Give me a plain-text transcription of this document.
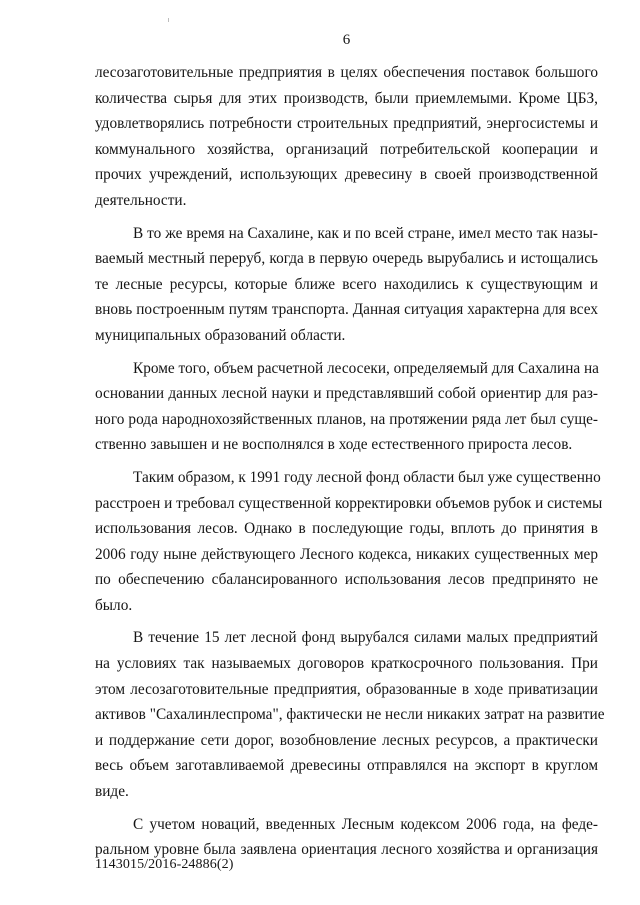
6

лесозаготовительные предприятия в целях обеспечения поставок большого
количества сырья для этих производств, были приемлемыми. Кроме ЦБЗ,
удовлетворялись потребности строительных предприятий, энергосистемы и
коммунального хозяйства, организаций потребительской кооперации и
прочих учреждений, использующих древесину в своей производственной
деятельности.

В то же время на Сахалине, как и по всей стране, имел место так назы-
ваемый местный переруб, когда в первую очередь вырубались и истощались
те лесные ресурсы, которые ближе всего находились к существующим и
вновь построенным путям транспорта. Данная ситуация характерна для всех
муниципальных образований области.

Кроме того, объем расчетной лесосеки, определяемый для Сахалина на
основании данных лесной науки и представлявший собой ориентир для раз-
ного рода народнохозяйственных планов, на протяжении ряда лет был суще-
ственно завышен и не восполнялся в ходе естественного прироста лесов.

Таким образом, к 1991 году лесной фонд области был уже существенно
расстроен и требовал существенной корректировки объемов рубок и системы
использования лесов. Однако в последующие годы, вплоть до принятия в
2006 году ныне действующего Лесного кодекса, никаких существенных мер
по обеспечению сбалансированного использования лесов предпринято не
было.

В течение 15 лет лесной фонд вырубался силами малых предприятий
на условиях так называемых договоров краткосрочного пользования. При
этом лесозаготовительные предприятия, образованные в ходе приватизации
активов "Сахалинлеспрома", фактически не несли никаких затрат на развитие
и поддержание сети дорог, возобновление лесных ресурсов, а практически
весь объем заготавливаемой древесины отправлялся на экспорт в круглом
виде.

С учетом новаций, введенных Лесным кодексом 2006 года, на феде-
ральном уровне была заявлена ориентация лесного хозяйства и организация

1143015/2016-24886(2)
